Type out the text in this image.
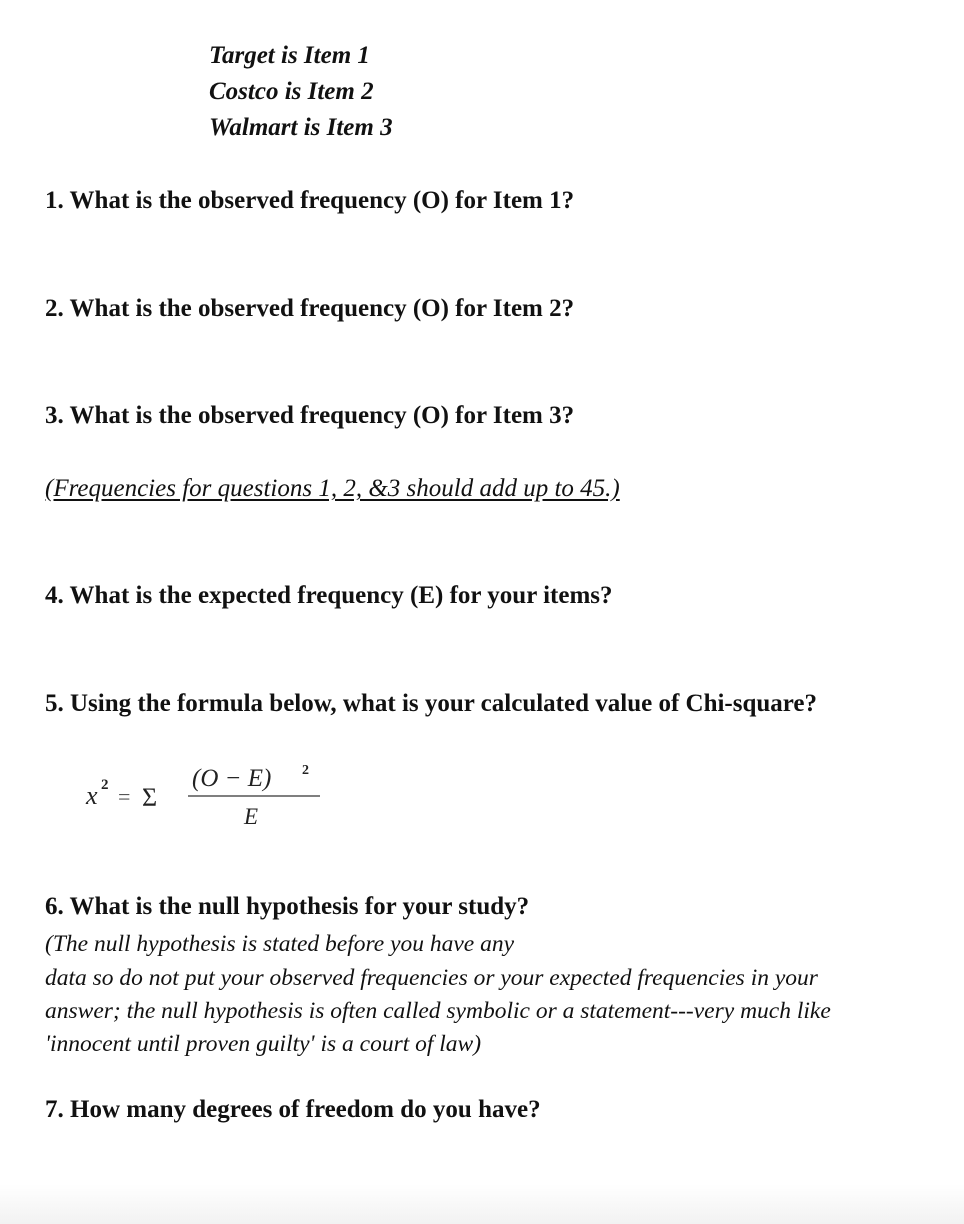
Target is Item 1
Costco is Item 2
Walmart is Item 3
1. What is the observed frequency (O) for Item 1?
2. What is the observed frequency (O) for Item 2?
3. What is the observed frequency (O) for Item 3?
(Frequencies for questions 1, 2, &3 should add up to 45.)
4. What is the expected frequency (E) for your items?
5. Using the formula below, what is your calculated value of Chi-square?
x 2 = Σ
(O − E) 2
E
6. What is the null hypothesis for your study?
(The null hypothesis is stated before you have any
data so do not put your observed frequencies or your expected frequencies in your
answer; the null hypothesis is often called symbolic or a statement---very much like
'innocent until proven guilty' is a court of law)
7. How many degrees of freedom do you have?
